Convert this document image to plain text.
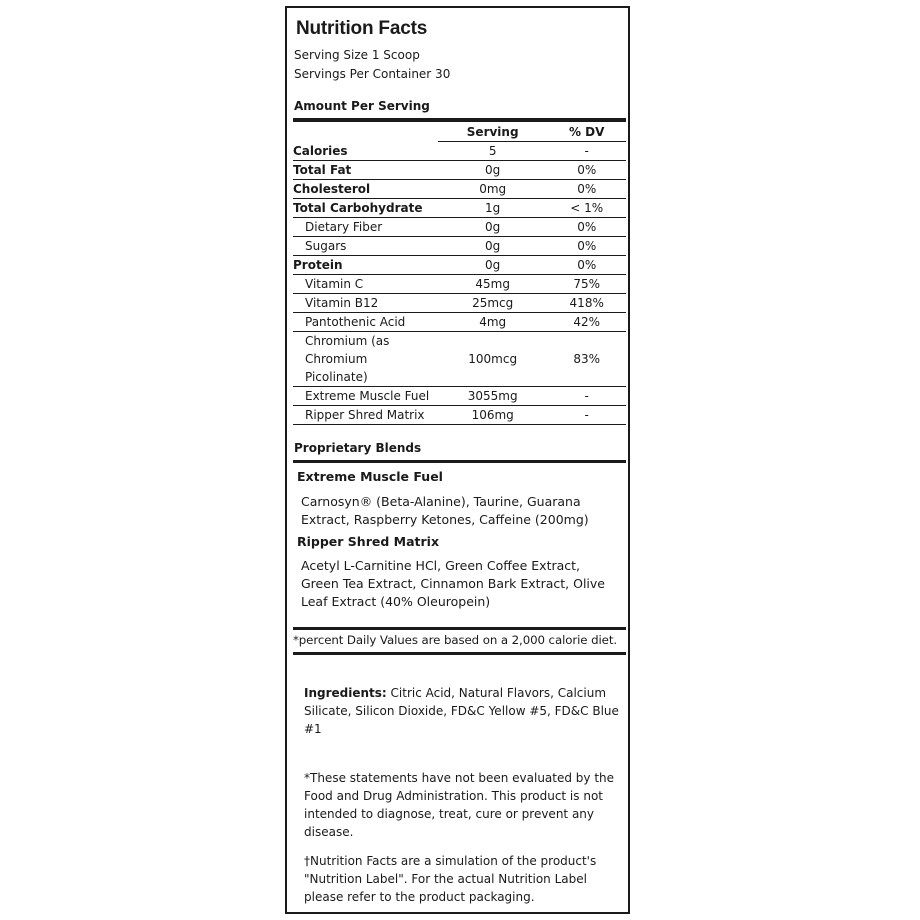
Nutrition Facts
Serving Size 1 Scoop
Servings Per Container 30
Amount Per Serving
	Serving	% DV
Calories	5	-
Total Fat	0g	0%
Cholesterol	0mg	0%
Total Carbohydrate	1g	< 1%
Dietary Fiber	0g	0%
Sugars	0g	0%
Protein	0g	0%
Vitamin C	45mg	75%
Vitamin B12	25mcg	418%
Pantothenic Acid	4mg	42%

Chromium (as
Chromium
Picolinate)	100mcg	83%
Extreme Muscle Fuel	3055mg	-
Ripper Shred Matrix	106mg	-
Proprietary Blends
Extreme Muscle Fuel
Carnosyn® (Beta-Alanine), Taurine, Guarana
Extract, Raspberry Ketones, Caffeine (200mg)
Ripper Shred Matrix
Acetyl L-Carnitine HCl, Green Coffee Extract,
Green Tea Extract, Cinnamon Bark Extract, Olive
Leaf Extract (40% Oleuropein)
*percent Daily Values are based on a 2,000 calorie diet.
Ingredients: Citric Acid, Natural Flavors, Calcium
Silicate, Silicon Dioxide, FD&C Yellow #5, FD&C Blue
#1
*These statements have not been evaluated by the
Food and Drug Administration. This product is not
intended to diagnose, treat, cure or prevent any
disease.
†Nutrition Facts are a simulation of the product's
"Nutrition Label". For the actual Nutrition Label
please refer to the product packaging.
